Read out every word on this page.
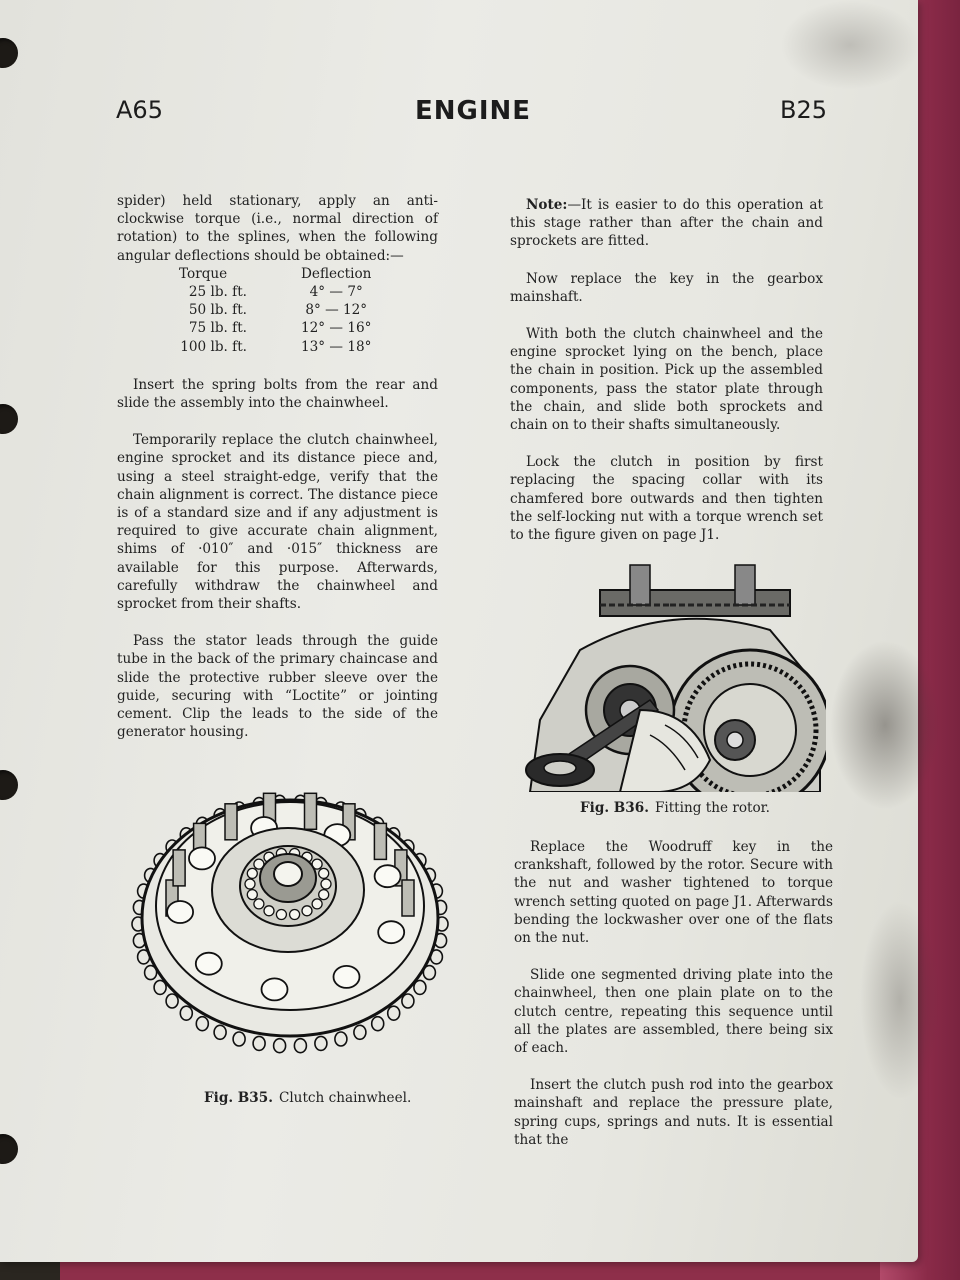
A65	ENGINE	B25

spider) held stationary, apply an anti-clockwise torque (i.e., normal direction of rotation) to the splines, when the following angular deflections should be obtained:—

Torque	Deflection
25 lb. ft.	4° — 7°
50 lb. ft.	8° — 12°
75 lb. ft.	12° — 16°
100 lb. ft.	13° — 18°

Insert the spring bolts from the rear and slide the assembly into the chainwheel.

Temporarily replace the clutch chainwheel, engine sprocket and its distance piece and, using a steel straight-edge, verify that the chain alignment is correct. The distance piece is of a standard size and if any adjustment is required to give accurate chain alignment, shims of ·010″ and ·015″ thickness are available for this purpose. Afterwards, carefully withdraw the chainwheel and sprocket from their shafts.

Pass the stator leads through the guide tube in the back of the primary chaincase and slide the protective rubber sleeve over the guide, securing with “Loctite” or jointing cement. Clip the leads to the side of the generator housing.

Note:—It is easier to do this operation at this stage rather than after the chain and sprockets are fitted.

Now replace the key in the gearbox mainshaft.

With both the clutch chainwheel and the engine sprocket lying on the bench, place the chain in position. Pick up the assembled components, pass the stator plate through the chain, and slide both sprockets and chain on to their shafts simultaneously.

Lock the clutch in position by first replacing the spacing collar with its chamfered bore outwards and then tighten the self-locking nut with a torque wrench set to the figure given on page J1.

Fig. B36. Fitting the rotor.

Replace the Woodruff key in the crankshaft, followed by the rotor. Secure with the nut and washer tightened to torque wrench setting quoted on page J1. Afterwards bending the lockwasher over one of the flats on the nut.

Slide one segmented driving plate into the chainwheel, then one plain plate on to the clutch centre, repeating this sequence until all the plates are assembled, there being six of each.

Insert the clutch push rod into the gearbox mainshaft and replace the pressure plate, spring cups, springs and nuts. It is essential that the

Fig. B35. Clutch chainwheel.
